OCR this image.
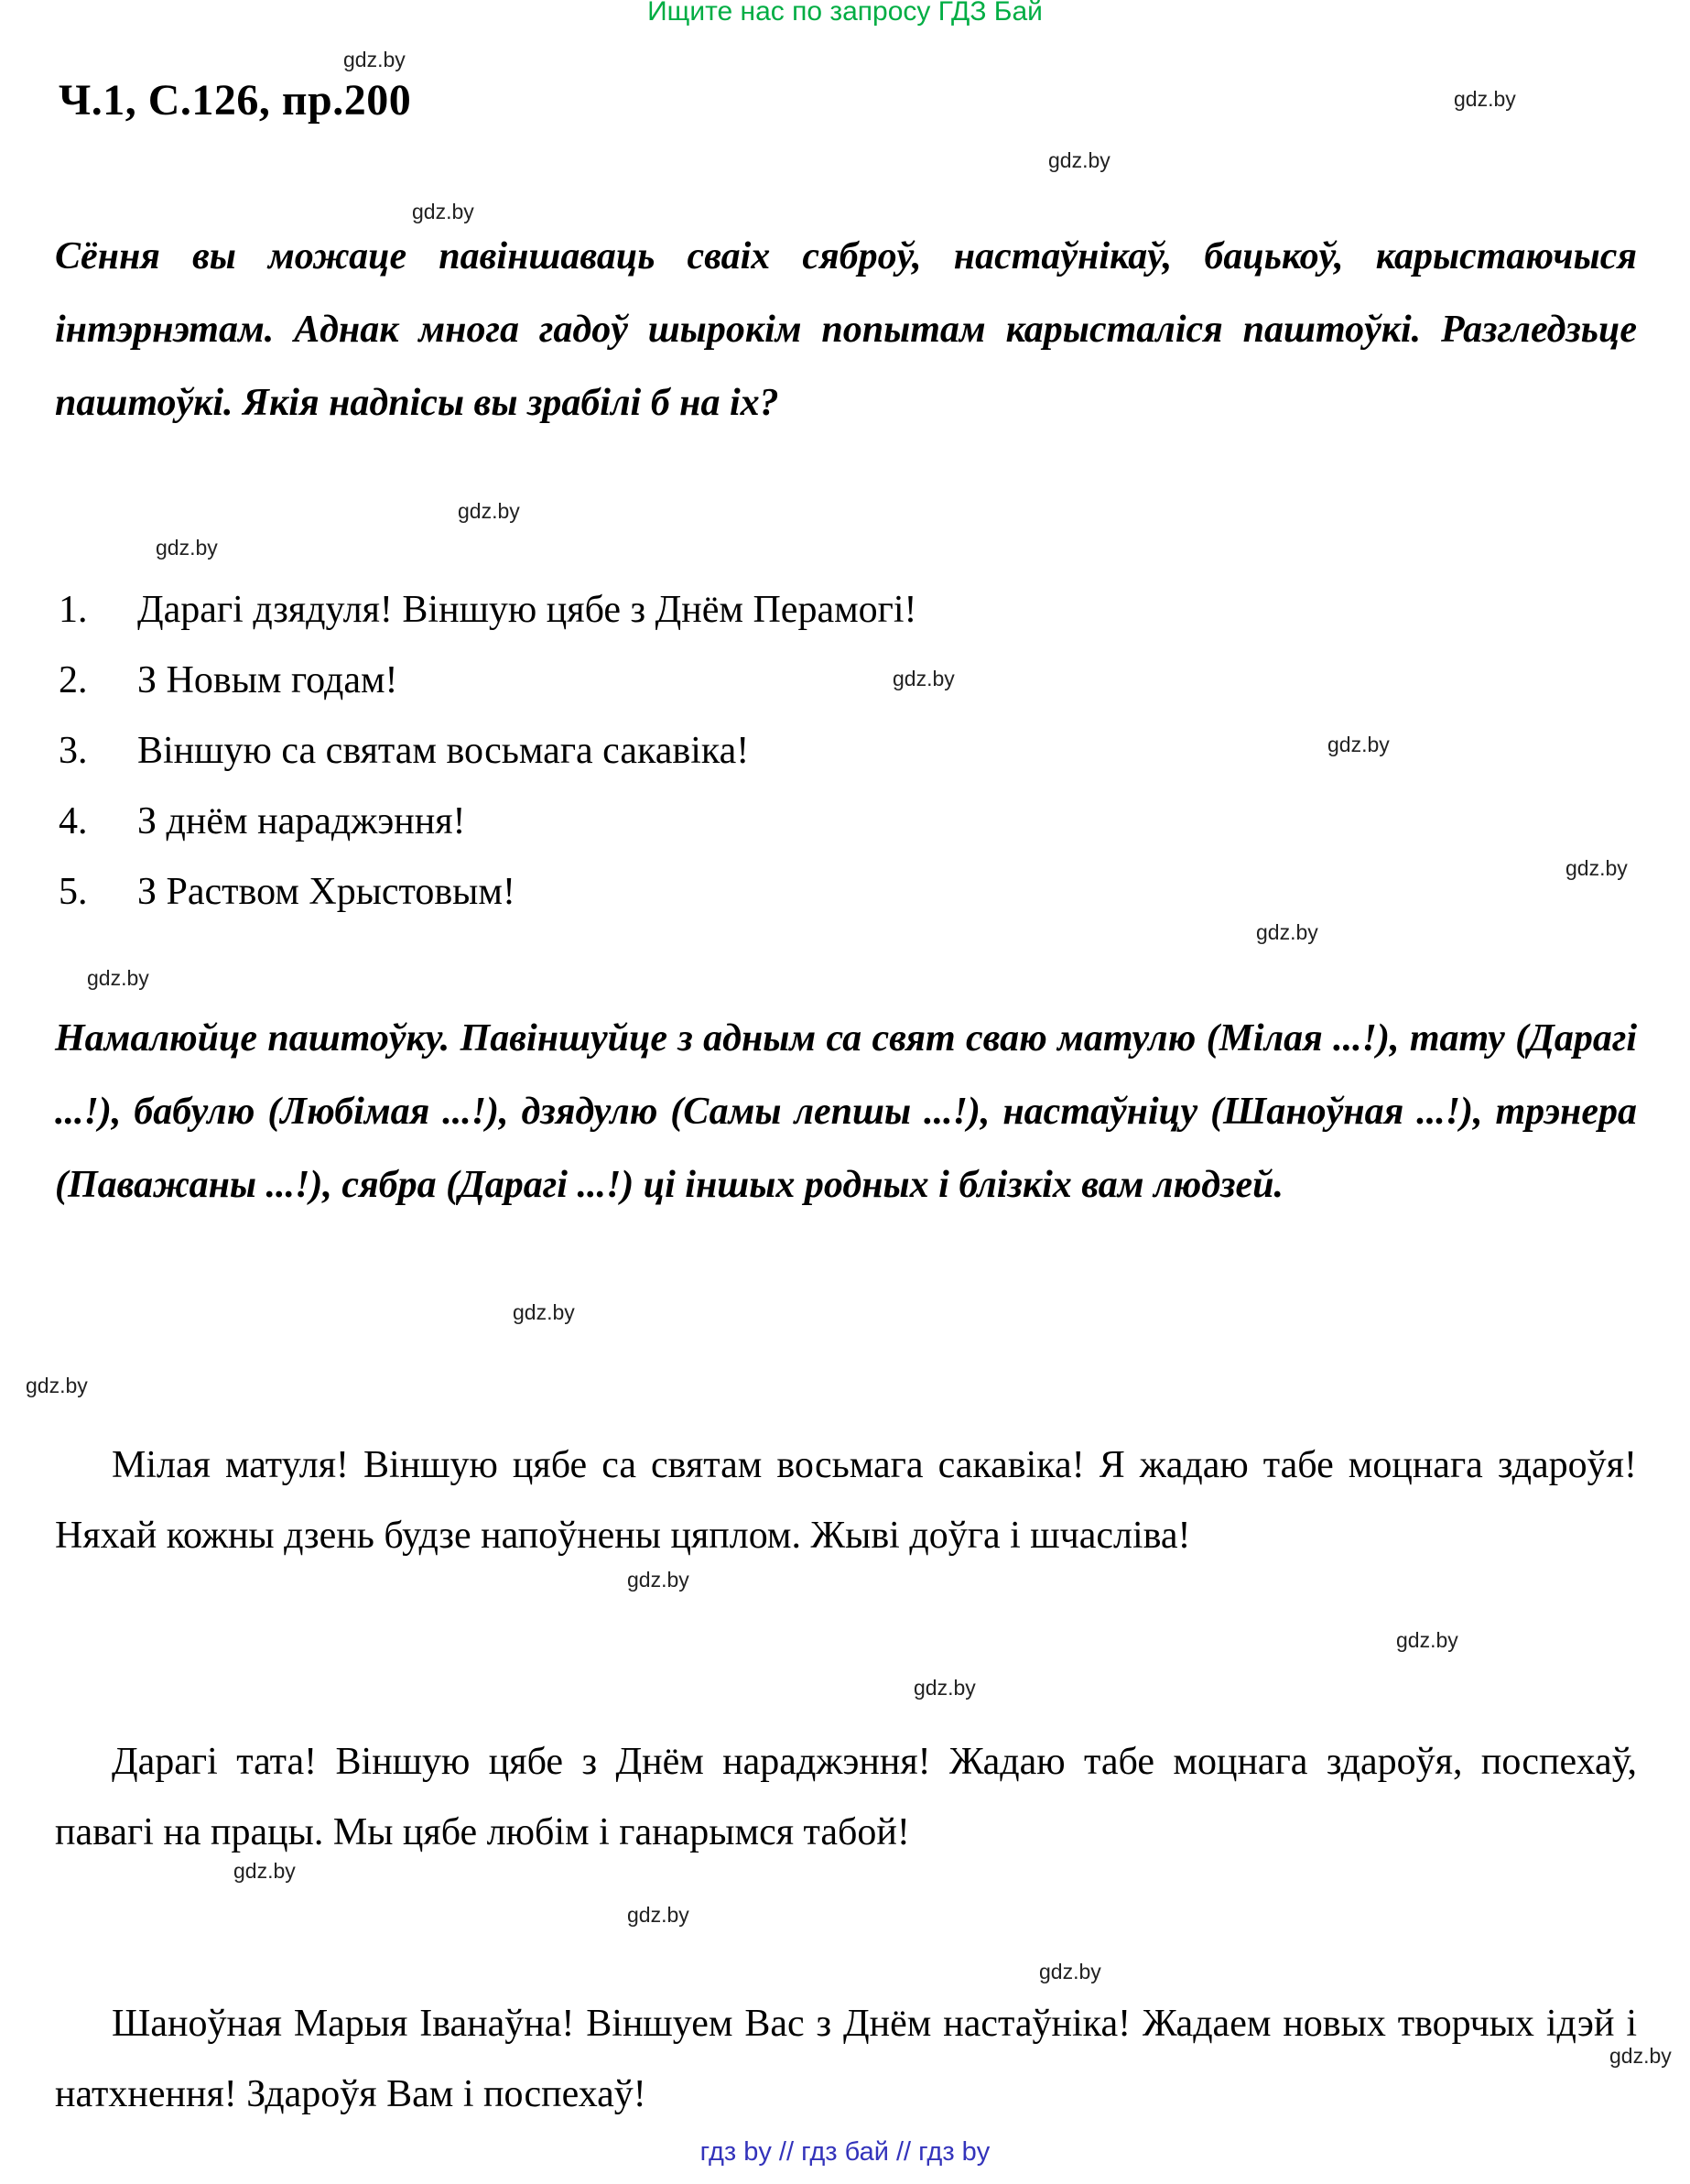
Ищите нас по запросу ГДЗ Бай
Ч.1, С.126, пр.200
Сёння вы можаце павіншаваць сваіх сяброў, настаўнікаў, бацькоў, карыстаючыся інтэрнэтам. Аднак многа гадоў шырокім попытам карысталіся паштоўкі. Разгледзьце паштоўкі. Якія надпісы вы зрабілі б на іх?
1. Дарагі дзядуля! Віншую цябе з Днём Перамогі!
2. З Новым годам!
3. Віншую са святам восьмага сакавіка!
4. З днём нараджэння!
5. З Раством Хрыстовым!
Намалюйце паштоўку. Павіншуйце з адным са свят сваю матулю (Мілая ...!), тату (Дарагі ...!), бабулю (Любімая ...!), дзядулю (Самы лепшы ...!), настаўніцу (Шаноўная ...!), трэнера (Паважаны ...!), сябра (Дарагі ...!) ці іншых родных і блізкіх вам людзей.
Мілая матуля! Віншую цябе са святам восьмага сакавіка! Я жадаю табе моцнага здароўя! Няхай кожны дзень будзе напоўнены цяплом. Жыві доўга і шчасліва!
Дарагі тата! Віншую цябе з Днём нараджэння! Жадаю табе моцнага здароўя, поспехаў, павагі на працы. Мы цябе любім і ганарымся табой!
Шаноўная Марыя Іванаўна! Віншуем Вас з Днём настаўніка! Жадаем новых творчых ідэй і натхнення! Здароўя Вам і поспехаў!
гдз by // гдз бай // гдз by
gdz.by
gdz.by
gdz.by
gdz.by
gdz.by
gdz.by
gdz.by
gdz.by
gdz.by
gdz.by
gdz.by
gdz.by
gdz.by
gdz.by
gdz.by
gdz.by
gdz.by
gdz.by
gdz.by
gdz.by
